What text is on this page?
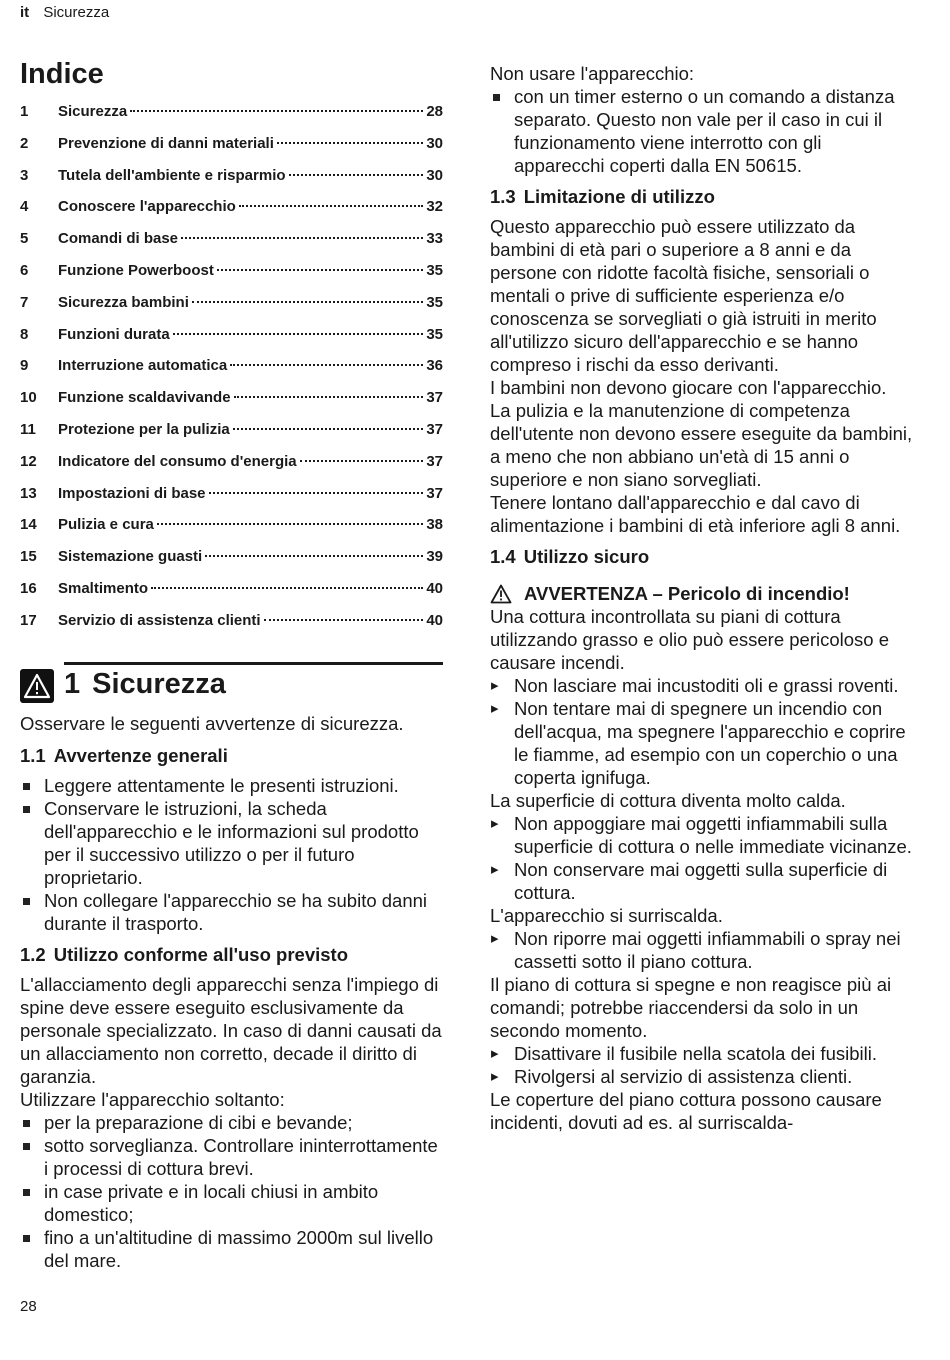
it Sicurezza
Indice
1	Sicurezza	28
2	Prevenzione di danni materiali	30
3	Tutela dell'ambiente e risparmio	30
4	Conoscere l'apparecchio	32
5	Comandi di base	33
6	Funzione Powerboost	35
7	Sicurezza bambini	35
8	Funzioni durata	35
9	Interruzione automatica	36
10	Funzione scaldavivande	37
11	Protezione per la pulizia	37
12	Indicatore del consumo d'energia	37
13	Impostazioni di base	37
14	Pulizia e cura	38
15	Sistemazione guasti	39
16	Smaltimento	40
17	Servizio di assistenza clienti	40
1 Sicurezza

Osservare le seguenti avvertenze di sicurezza.

1.1 Avvertenze generali
Leggere attentamente le presenti istruzioni.
Conservare le istruzioni, la scheda dell'apparecchio e le informazioni sul prodotto per il successivo utilizzo o per il futuro proprietario.
Non collegare l'apparecchio se ha subito danni durante il trasporto.
1.2 Utilizzo conforme all'uso previsto

L'allacciamento degli apparecchi senza l'impiego di spine deve essere eseguito esclusivamente da personale specializzato. In caso di danni causati da un allacciamento non corretto, decade il diritto di garanzia.

Utilizzare l'apparecchio soltanto:

per la preparazione di cibi e bevande;
sotto sorveglianza. Controllare ininterrottamente i processi di cottura brevi.
in case private e in locali chiusi in ambito domestico;
fino a un'altitudine di massimo 2000m sul livello del mare.

Non usare l'apparecchio:

con un timer esterno o un comando a distanza separato. Questo non vale per il caso in cui il funzionamento viene interrotto con gli apparecchi coperti dalla EN 50615.
1.3 Limitazione di utilizzo

Questo apparecchio può essere utilizzato da bambini di età pari o superiore a 8 anni e da persone con ridotte facoltà fisiche, sensoriali o mentali o prive di sufficiente esperienza e/o conoscenza se sorvegliati o già istruiti in merito all'utilizzo sicuro dell'apparecchio e se hanno compreso i rischi da esso derivanti.

I bambini non devono giocare con l'apparecchio.

La pulizia e la manutenzione di competenza dell'utente non devono essere eseguite da bambini, a meno che non abbiano un'età di 15 anni o superiore e non siano sorvegliati.

Tenere lontano dall'apparecchio e dal cavo di alimentazione i bambini di età inferiore agli 8 anni.

1.4 Utilizzo sicuro
AVVERTENZA – Pericolo di incendio!

Una cottura incontrollata su piani di cottura utilizzando grasso e olio può essere pericoloso e causare incendi.

▸ Non lasciare mai incustoditi oli e grassi roventi.
▸ Non tentare mai di spegnere un incendio con dell'acqua, ma spegnere l'apparecchio e coprire le fiamme, ad esempio con un coperchio o una coperta ignifuga.

La superficie di cottura diventa molto calda.

▸ Non appoggiare mai oggetti infiammabili sulla superficie di cottura o nelle immediate vicinanze.
▸ Non conservare mai oggetti sulla superficie di cottura.

L'apparecchio si surriscalda.

▸ Non riporre mai oggetti infiammabili o spray nei cassetti sotto il piano cottura.

Il piano di cottura si spegne e non reagisce più ai comandi; potrebbe riaccendersi da solo in un secondo momento.

▸ Disattivare il fusibile nella scatola dei fusibili.
▸ Rivolgersi al servizio di assistenza clienti.

Le coperture del piano cottura possono causare incidenti, dovuti ad es. al surriscalda-

28
